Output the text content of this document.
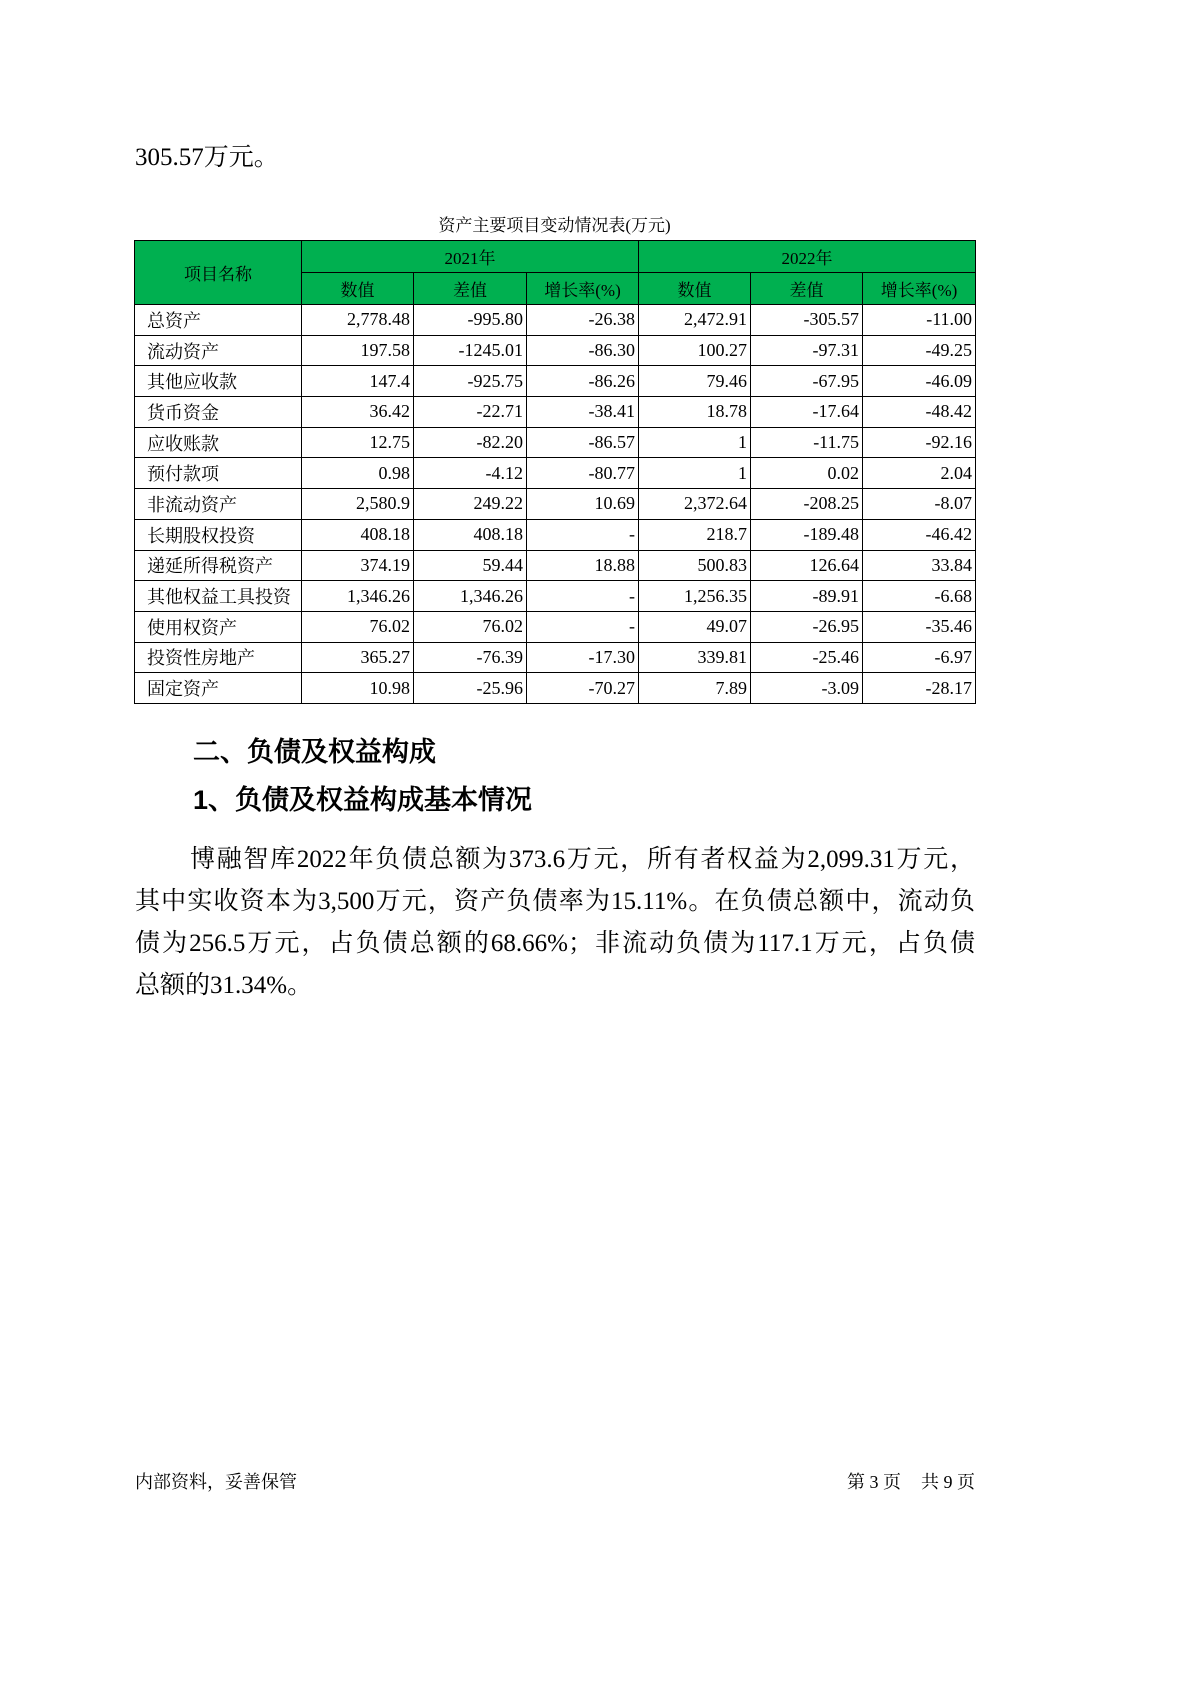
305.57万元。
资产主要项目变动情况表(万元)
项目名称	2021年			2022年		
	数值	差值	增长率(%)	数值	差值	增长率(%)
总资产	2,778.48	-995.80	-26.38	2,472.91	-305.57	-11.00
流动资产	197.58	-1245.01	-86.30	100.27	-97.31	-49.25
其他应收款	147.4	-925.75	-86.26	79.46	-67.95	-46.09
货币资金	36.42	-22.71	-38.41	18.78	-17.64	-48.42
应收账款	12.75	-82.20	-86.57	1	-11.75	-92.16
预付款项	0.98	-4.12	-80.77	1	0.02	2.04
非流动资产	2,580.9	249.22	10.69	2,372.64	-208.25	-8.07
长期股权投资	408.18	408.18	-	218.7	-189.48	-46.42
递延所得税资产	374.19	59.44	18.88	500.83	126.64	33.84
其他权益工具投资	1,346.26	1,346.26	-	1,256.35	-89.91	-6.68
使用权资产	76.02	76.02	-	49.07	-26.95	-35.46
投资性房地产	365.27	-76.39	-17.30	339.81	-25.46	-6.97
固定资产	10.98	-25.96	-70.27	7.89	-3.09	-28.17
二、负债及权益构成
1、负债及权益构成基本情况
博融智库2022年负债总额为373.6万元，所有者权益为2,099.31万元，
其中实收资本为3,500万元，资产负债率为15.11%。在负债总额中，流动负
债为256.5万元，占负债总额的68.66%；非流动负债为117.1万元，占负债
总额的31.34%。
内部资料，妥善保管	第 3 页 共 9 页
